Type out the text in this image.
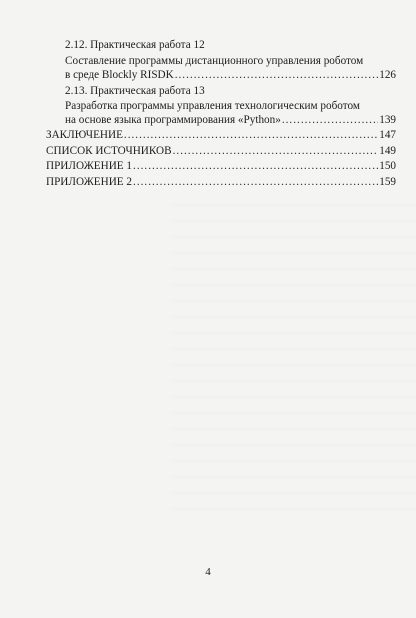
2.12. Практическая работа 12
Составление программы дистанционного управления роботом
в среде Blockly RISDK .....	126
2.13. Практическая работа 13
Разработка программы управления технологическим роботом
на основе языка программирования «Python» .....	139
ЗАКЛЮЧЕНИЕ .....	147
СПИСОК ИСТОЧНИКОВ .....	149
ПРИЛОЖЕНИЕ 1 .....	150
ПРИЛОЖЕНИЕ 2 .....	159
4
